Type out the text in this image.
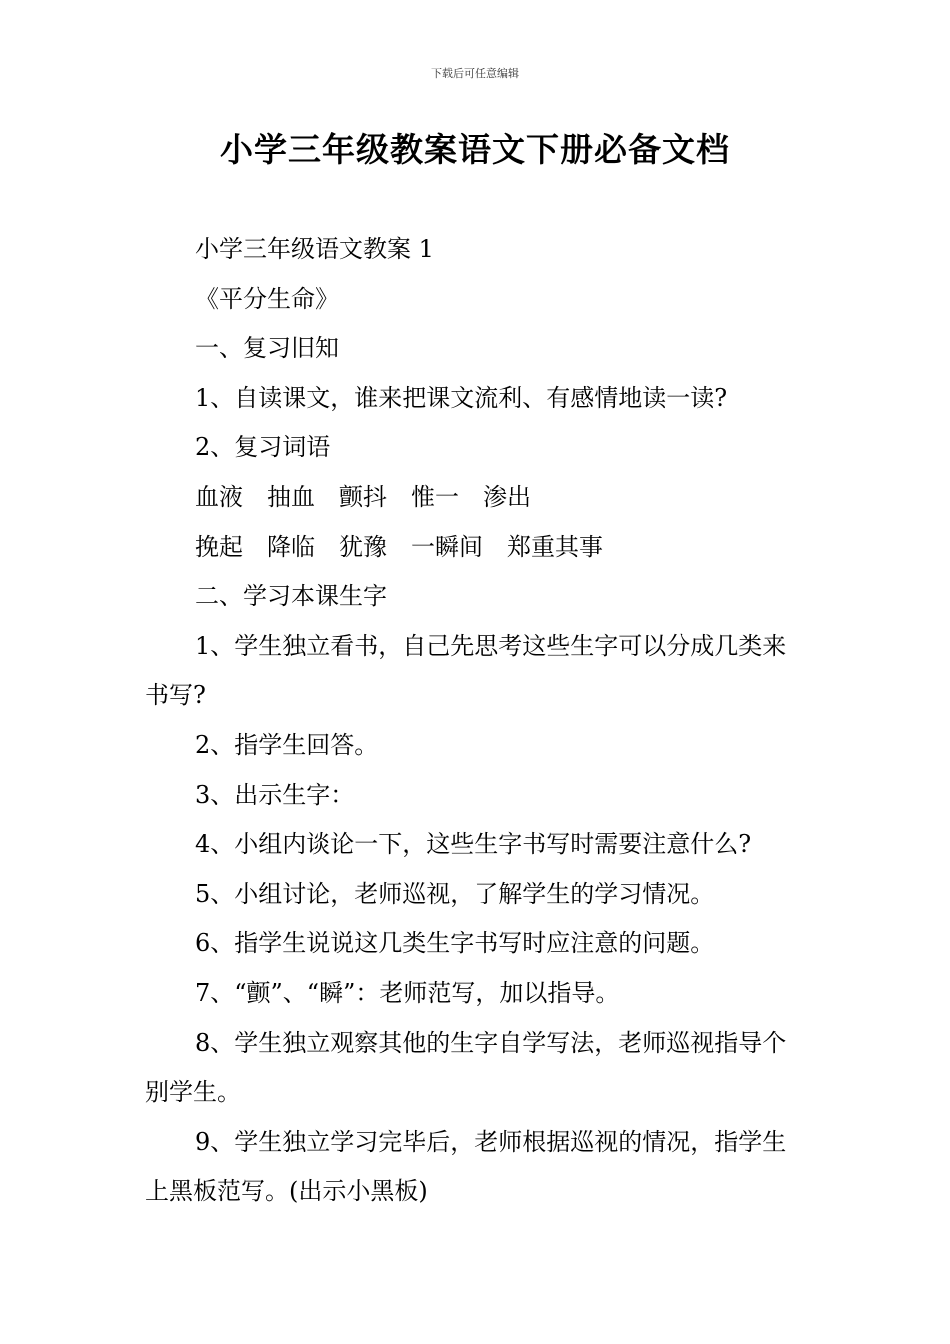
下载后可任意编辑
小学三年级教案语文下册必备文档

小学三年级语文教案 1

《平分生命》

一、复习旧知

1、自读课文，谁来把课文流利、有感情地读一读?

2、复习词语

血液　抽血　颤抖　惟一　渗出

挽起　降临　犹豫　一瞬间　郑重其事

二、学习本课生字

1、学生独立看书，自己先思考这些生字可以分成几类来书写?

2、指学生回答。

3、出示生字：

4、小组内谈论一下，这些生字书写时需要注意什么?

5、小组讨论，老师巡视，了解学生的学习情况。

6、指学生说说这几类生字书写时应注意的问题。

7、“颤”、“瞬”：老师范写，加以指导。

8、学生独立观察其他的生字自学写法，老师巡视指导个别学生。

9、学生独立学习完毕后，老师根据巡视的情况，指学生上黑板范写。(出示小黑板)
